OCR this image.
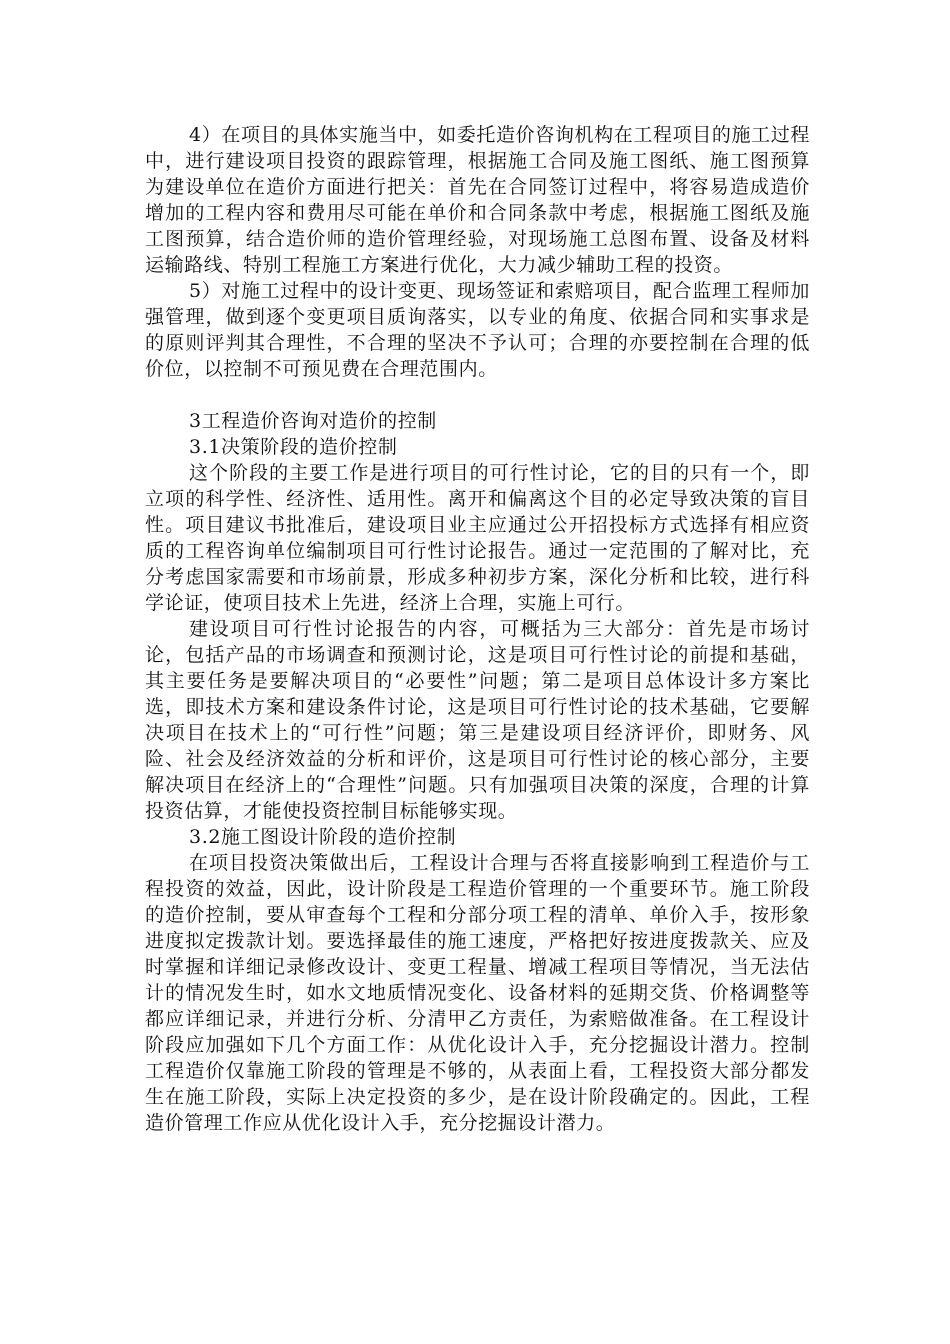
4）在项目的具体实施当中，如委托造价咨询机构在工程项目的施工过程中，进行建设项目投资的跟踪管理，根据施工合同及施工图纸、施工图预算为建设单位在造价方面进行把关：首先在合同签订过程中，将容易造成造价增加的工程内容和费用尽可能在单价和合同条款中考虑，根据施工图纸及施工图预算，结合造价师的造价管理经验，对现场施工总图布置、设备及材料运输路线、特别工程施工方案进行优化，大力减少辅助工程的投资。

5）对施工过程中的设计变更、现场签证和索赔项目，配合监理工程师加强管理，做到逐个变更项目质询落实，以专业的角度、依据合同和实事求是的原则评判其合理性，不合理的坚决不予认可；合理的亦要控制在合理的低价位，以控制不可预见费在合理范围内。

3工程造价咨询对造价的控制

3.1决策阶段的造价控制

这个阶段的主要工作是进行项目的可行性讨论，它的目的只有一个，即立项的科学性、经济性、适用性。离开和偏离这个目的必定导致决策的盲目性。项目建议书批准后，建设项目业主应通过公开招投标方式选择有相应资质的工程咨询单位编制项目可行性讨论报告。通过一定范围的了解对比，充分考虑国家需要和市场前景，形成多种初步方案，深化分析和比较，进行科学论证，使项目技术上先进，经济上合理，实施上可行。

建设项目可行性讨论报告的内容，可概括为三大部分：首先是市场讨论，包括产品的市场调查和预测讨论，这是项目可行性讨论的前提和基础，其主要任务是要解决项目的“必要性”问题；第二是项目总体设计多方案比选，即技术方案和建设条件讨论，这是项目可行性讨论的技术基础，它要解决项目在技术上的“可行性”问题；第三是建设项目经济评价，即财务、风险、社会及经济效益的分析和评价，这是项目可行性讨论的核心部分，主要解决项目在经济上的“合理性”问题。只有加强项目决策的深度，合理的计算投资估算，才能使投资控制目标能够实现。

3.2施工图设计阶段的造价控制

在项目投资决策做出后，工程设计合理与否将直接影响到工程造价与工程投资的效益，因此，设计阶段是工程造价管理的一个重要环节。施工阶段的造价控制，要从审查每个工程和分部分项工程的清单、单价入手，按形象进度拟定拨款计划。要选择最佳的施工速度，严格把好按进度拨款关、应及时掌握和详细记录修改设计、变更工程量、增减工程项目等情况，当无法估计的情况发生时，如水文地质情况变化、设备材料的延期交货、价格调整等都应详细记录，并进行分析、分清甲乙方责任，为索赔做准备。在工程设计阶段应加强如下几个方面工作：从优化设计入手，充分挖掘设计潜力。控制工程造价仅靠施工阶段的管理是不够的，从表面上看，工程投资大部分都发生在施工阶段，实际上决定投资的多少，是在设计阶段确定的。因此，工程造价管理工作应从优化设计入手，充分挖掘设计潜力。
